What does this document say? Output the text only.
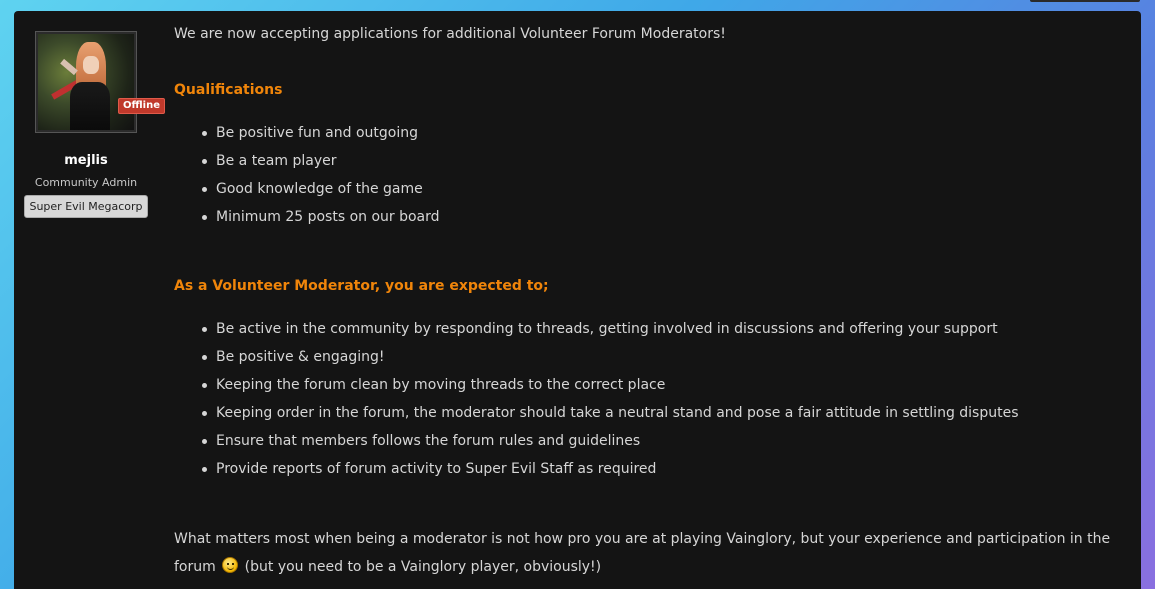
Offline
mejlis
Community Admin
Super Evil Megacorp
We are now accepting applications for additional Volunteer Forum Moderators!
Qualifications
Be positive fun and outgoing
Be a team player
Good knowledge of the game
Minimum 25 posts on our board
As a Volunteer Moderator, you are expected to;
Be active in the community by responding to threads, getting involved in discussions and offering your support
Be positive & engaging!
Keeping the forum clean by moving threads to the correct place
Keeping order in the forum, the moderator should take a neutral stand and pose a fair attitude in settling disputes
Ensure that members follows the forum rules and guidelines
Provide reports of forum activity to Super Evil Staff as required
What matters most when being a moderator is not how pro you are at playing Vainglory, but your experience and participation in the forum (but you need to be a Vainglory player, obviously!)
